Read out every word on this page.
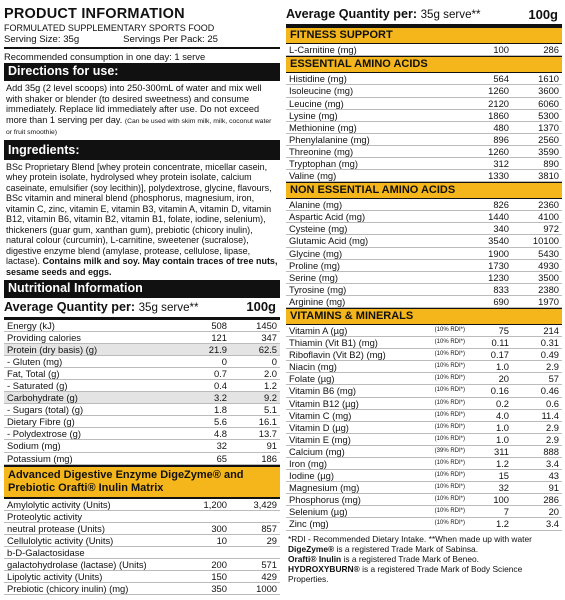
PRODUCT INFORMATION
FORMULATED SUPPLEMENTARY SPORTS FOOD
Serving Size: 35g	Servings Per Pack: 25
Recommended consumption in one day: 1 serve
Directions for use:
Add 35g (2 level scoops) into 250-300mL of water and mix well with shaker or blender (to desired sweetness) and consume immediately. Replace lid immediately after use. Do not exceed more than 1 serving per day. (Can be used with skim milk, milk, coconut water or fruit smoothie)
Ingredients:
BSc Proprietary Blend [whey protein concentrate, micellar casein, whey protein isolate, hydrolysed whey protein isolate, calcium caseinate, emulsifier (soy lecithin)], polydextrose, glycine, flavours, BSc vitamin and mineral blend (phosphorus, magnesium, iron, vitamin C, zinc, vitamin E, vitamin B3, vitamin A, vitamin D, vitamin B12, vitamin B6, vitamin B2, vitamin B1, folate, iodine, selenium), thickeners (guar gum, xanthan gum), prebiotic (chicory inulin), natural colour (curcumin), L-carnitine, sweetener (sucralose), digestive enzyme blend (amylase, protease, cellulose, lipase, lactase). Contains milk and soy. May contain traces of tree nuts, sesame seeds and eggs.
Nutritional Information
Average Quantity per: 35g serve**	100g
Energy (kJ)	508	1450
Providing calories	121	347
Protein (dry basis) (g)	21.9	62.5
- Gluten (mg)	0	0
Fat, Total (g)	0.7	2.0
- Saturated (g)	0.4	1.2
Carbohydrate (g)	3.2	9.2
- Sugars (total) (g)	1.8	5.1
Dietary Fibre (g)	5.6	16.1
- Polydextrose (g)	4.8	13.7
Sodium (mg)	32	91
Potassium (mg)	65	186
Advanced Digestive Enzyme DigeZyme® and Prebiotic Orafti® Inulin Matrix
Amylolytic activity (Units)	1,200	3,429
Proteolytic activity		
neutral protease (Units)	300	857
Cellulolytic activity (Units)	10	29
b-D-Galactosidase		
galactohydrolase (lactase) (Units)	200	571
Lipolytic activity (Units)	150	429
Prebiotic (chicory inulin) (mg)	350	1000
Average Quantity per: 35g serve**	100g
FITNESS SUPPORT
L-Carnitine (mg)	100	286
ESSENTIAL AMINO ACIDS
Histidine (mg)	564	1610
Isoleucine (mg)	1260	3600
Leucine (mg)	2120	6060
Lysine (mg)	1860	5300
Methionine (mg)	480	1370
Phenylalanine (mg)	896	2560
Threonine (mg)	1260	3590
Tryptophan (mg)	312	890
Valine (mg)	1330	3810
NON ESSENTIAL AMINO ACIDS
Alanine (mg)	826	2360
Aspartic Acid (mg)	1440	4100
Cysteine (mg)	340	972
Glutamic Acid (mg)	3540	10100
Glycine (mg)	1900	5430
Proline (mg)	1730	4930
Serine (mg)	1230	3500
Tyrosine (mg)	833	2380
Arginine (mg)	690	1970
VITAMINS & MINERALS
Vitamin A (µg)	(10% RDI*)	75	214
Thiamin (Vit B1) (mg)	(10% RDI*)	0.11	0.31
Riboflavin (Vit B2) (mg)	(10% RDI*)	0.17	0.49
Niacin (mg)	(10% RDI*)	1.0	2.9
Folate (µg)	(10% RDI*)	20	57
Vitamin B6 (mg)	(10% RDI*)	0.16	0.46
Vitamin B12 (µg)	(10% RDI*)	0.2	0.6
Vitamin C (mg)	(10% RDI*)	4.0	11.4
Vitamin D (µg)	(10% RDI*)	1.0	2.9
Vitamin E (mg)	(10% RDI*)	1.0	2.9
Calcium (mg)	(39% RDI*)	311	888
Iron (mg)	(10% RDI*)	1.2	3.4
Iodine (µg)	(10% RDI*)	15	43
Magnesium (mg)	(10% RDI*)	32	91
Phosphorus (mg)	(10% RDI*)	100	286
Selenium (µg)	(10% RDI*)	7	20
Zinc (mg)	(10% RDI*)	1.2	3.4
*RDI - Recommended Dietary Intake. **When made up with water
DigeZyme® is a registered Trade Mark of Sabinsa.
Orafti® Inulin is a registered Trade Mark of Beneo.
HYDROXYBURN® is a registered Trade Mark of Body Science Properties.
